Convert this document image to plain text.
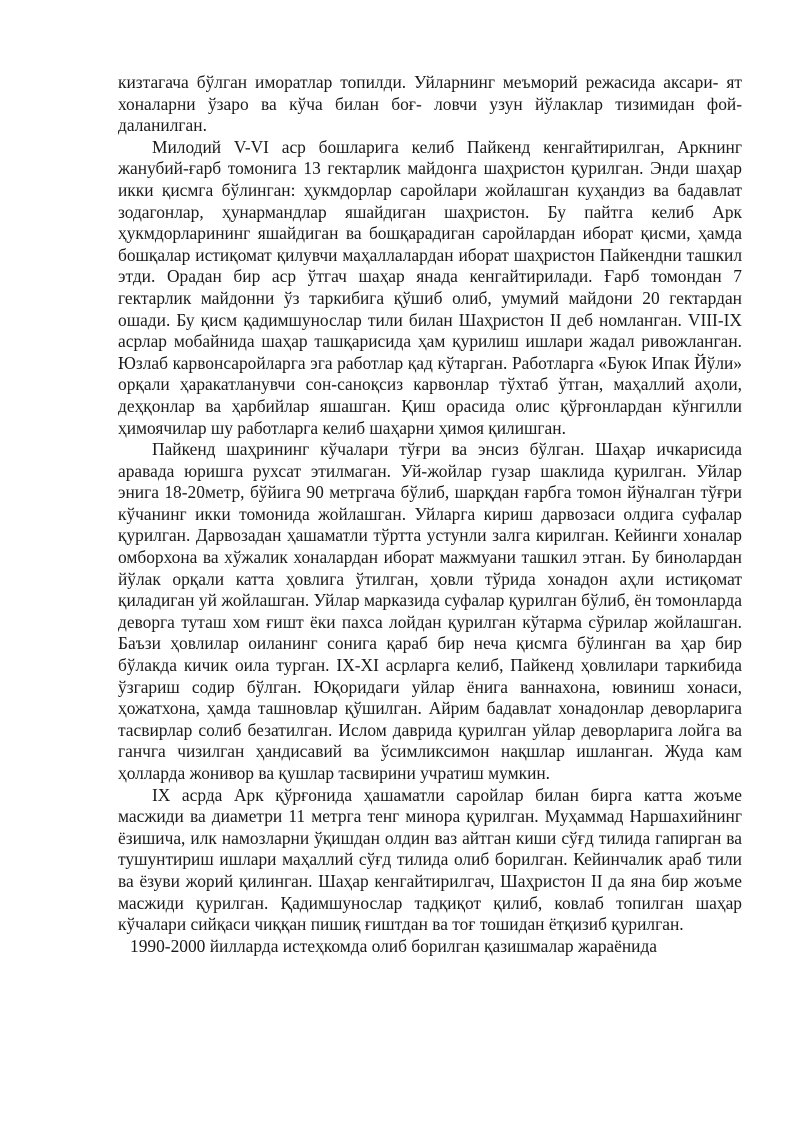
кизтагача бўлган иморатлар топилди. Уйларнинг меъморий режасида аксари- ят хоналарни ўзаро ва кўча билан боғ- ловчи узун йўлаклар тизимидан фой- даланилган.

Милодий V-VI аср бошларига келиб Пайкенд кенгайтирилган, Аркнинг жанубий-ғарб томонига 13 гектарлик майдонга шаҳристон қурилган. Энди шаҳар икки қисмга бўлинган: ҳукмдорлар саройлари жойлашган куҳандиз ва бадавлат зодагонлар, ҳунармандлар яшайдиган шаҳристон. Бу пайтга келиб Арк ҳукмдорларининг яшайдиган ва бошқарадиган саройлардан иборат қисми, ҳамда бошқалар истиқомат қилувчи маҳаллалардан иборат шаҳристон Пайкендни ташкил этди. Орадан бир аср ўтгач шаҳар янада кенгайтирилади. Ғарб томондан 7 гектарлик майдонни ўз таркибига қўшиб олиб, умумий майдони 20 гектардан ошади. Бу қисм қадимшунослар тили билан Шаҳристон II деб номланган. VIII-IX асрлар мобайнида шаҳар ташқарисида ҳам қурилиш ишлари жадал ривожланган. Юзлаб карвонсаройларга эга работлар қад кўтарган. Работларга «Буюк Ипак Йўли» орқали ҳаракатланувчи сон-саноқсиз карвонлар тўхтаб ўтган, маҳаллий аҳоли, деҳқонлар ва ҳарбийлар яшашган. Қиш орасида олис қўрғонлардан кўнгилли ҳимоячилар шу работларга келиб шаҳарни ҳимоя қилишган.

Пайкенд шаҳрининг кўчалари тўғри ва энсиз бўлган. Шаҳар ичкарисида аравада юришга рухсат этилмаган. Уй-жойлар гузар шаклида қурилган. Уйлар энига 18-20метр, бўйига 90 метргача бўлиб, шарқдан ғарбга томон йўналган тўғри кўчанинг икки томонида жойлашган. Уйларга кириш дарвозаси олдига суфалар қурилган. Дарвозадан ҳашаматли тўртта устунли залга кирилган. Кейинги хоналар омборхона ва хўжалик хоналардан иборат мажмуани ташкил этган. Бу бинолардан йўлак орқали катта ҳовлига ўтилган, ҳовли тўрида хонадон аҳли истиқомат қиладиган уй жойлашган. Уйлар марказида суфалар қурилган бўлиб, ён томонларда деворга туташ хом ғишт ёки пахса лойдан қурилган кўтарма сўрилар жойлашган. Баъзи ҳовлилар оиланинг сонига қараб бир неча қисмга бўлинган ва ҳар бир бўлакда кичик оила турган. IX-XI асрларга келиб, Пайкенд ҳовлилари таркибида ўзгариш содир бўлган. Юқоридаги уйлар ёнига ваннахона, ювиниш хонаси, ҳожатхона, ҳамда ташновлар қўшилган. Айрим бадавлат хонадонлар деворларига тасвирлар солиб безатилган. Ислом даврида қурилган уйлар деворларига лойга ва ганчга чизилган ҳандисавий ва ўсимликсимон нақшлар ишланган. Жуда кам ҳолларда жонивор ва қушлар тасвирини учратиш мумкин.

IX асрда Арк қўрғонида ҳашаматли саройлар билан бирга катта жоъме масжиди ва диаметри 11 метрга тенг минора қурилган. Муҳаммад Наршахийнинг ёзишича, илк намозларни ўқишдан олдин ваз айтган киши сўғд тилида гапирган ва тушунтириш ишлари маҳаллий сўғд тилида олиб борилган. Кейинчалик араб тили ва ёзуви жорий қилинган. Шаҳар кенгайтирилгач, Шаҳристон II да яна бир жоъме масжиди қурилган. Қадимшунослар тадқиқот қилиб, ковлаб топилган шаҳар кўчалари сийқаси чиққан пишиқ ғиштдан ва тоғ тошидан ётқизиб қурилган.

1990-2000 йилларда истеҳкомда олиб борилган қазишмалар жараёнида
